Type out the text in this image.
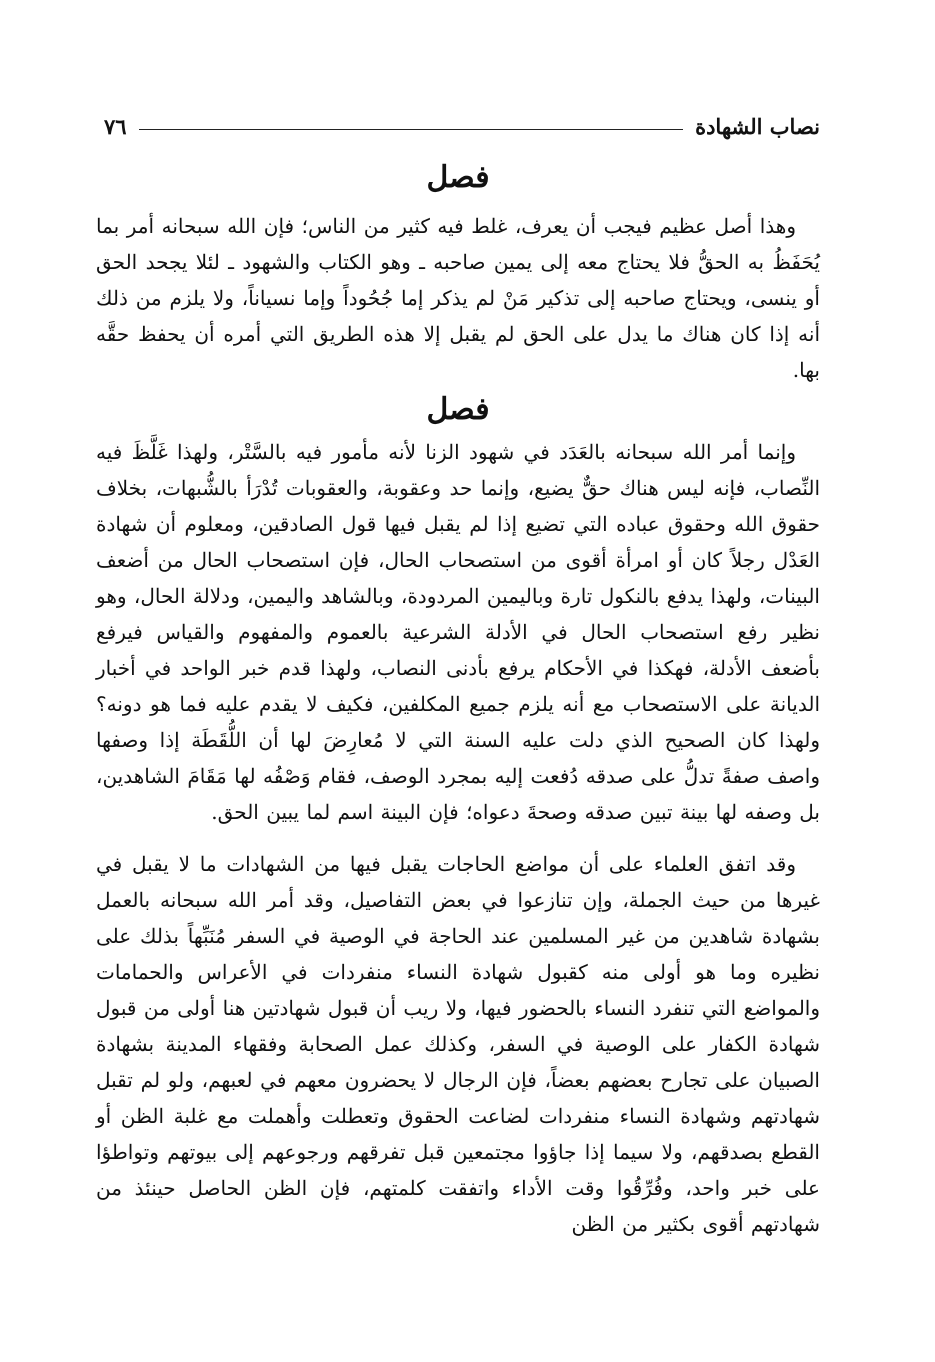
نصاب الشهادة
٧٦
فصل

وهذا أصل عظيم فيجب أن يعرف، غلط فيه كثير من الناس؛ فإن الله سبحانه أمر بما يُحَفَظُ به الحقُّ فلا يحتاج معه إلى يمين صاحبه ـ وهو الكتاب والشهود ـ لئلا يجحد الحق أو ينسى، ويحتاج صاحبه إلى تذكير مَنْ لم يذكر إما جُحُوداً وإما نسياناً، ولا يلزم من ذلك أنه إذا كان هناك ما يدل على الحق لم يقبل إلا هذه الطريق التي أمره أن يحفظ حقَّه بها.

فصل

وإنما أمر الله سبحانه بالعَدَد في شهود الزنا لأنه مأمور فيه بالسَّتْر، ولهذا غَلَّظَ فيه النِّصاب، فإنه ليس هناك حقٌّ يضيع، وإنما حد وعقوبة، والعقوبات تُدْرَأ بالشُّبهات، بخلاف حقوق الله وحقوق عباده التي تضيع إذا لم يقبل فيها قول الصادقين، ومعلوم أن شهادة العَدْل رجلاً كان أو امرأة أقوى من استصحاب الحال، فإن استصحاب الحال من أضعف البينات، ولهذا يدفع بالنكول تارة وباليمين المردودة، وبالشاهد واليمين، ودلالة الحال، وهو نظير رفع استصحاب الحال في الأدلة الشرعية بالعموم والمفهوم والقياس فيرفع بأضعف الأدلة، فهكذا في الأحكام يرفع بأدنى النصاب، ولهذا قدم خبر الواحد في أخبار الديانة على الاستصحاب مع أنه يلزم جميع المكلفين، فكيف لا يقدم عليه فما هو دونه؟ ولهذا كان الصحيح الذي دلت عليه السنة التي لا مُعارِضَ لها أن اللُّقَطَة إذا وصفها واصف صفةً تدلُّ على صدقه دُفعت إليه بمجرد الوصف، فقام وَصْفُه لها مَقَامَ الشاهدين، بل وصفه لها بينة تبين صدقه وصحةَ دعواه؛ فإن البينة اسم لما يبين الحق.

وقد اتفق العلماء على أن مواضع الحاجات يقبل فيها من الشهادات ما لا يقبل في غيرها من حيث الجملة، وإن تنازعوا في بعض التفاصيل، وقد أمر الله سبحانه بالعمل بشهادة شاهدين من غير المسلمين عند الحاجة في الوصية في السفر مُنَبِّهاً بذلك على نظيره وما هو أولى منه كقبول شهادة النساء منفردات في الأعراس والحمامات والمواضع التي تنفرد النساء بالحضور فيها، ولا ريب أن قبول شهادتين هنا أولى من قبول شهادة الكفار على الوصية في السفر، وكذلك عمل الصحابة وفقهاء المدينة بشهادة الصبيان على تجارح بعضهم بعضاً، فإن الرجال لا يحضرون معهم في لعبهم، ولو لم تقبل شهادتهم وشهادة النساء منفردات لضاعت الحقوق وتعطلت وأهملت مع غلبة الظن أو القطع بصدقهم، ولا سيما إذا جاؤوا مجتمعين قبل تفرقهم ورجوعهم إلى بيوتهم وتواطؤا على خبر واحد، وفُرِّقُوا وقت الأداء واتفقت كلمتهم، فإن الظن الحاصل حينئذ من شهادتهم أقوى بكثير من الظن
